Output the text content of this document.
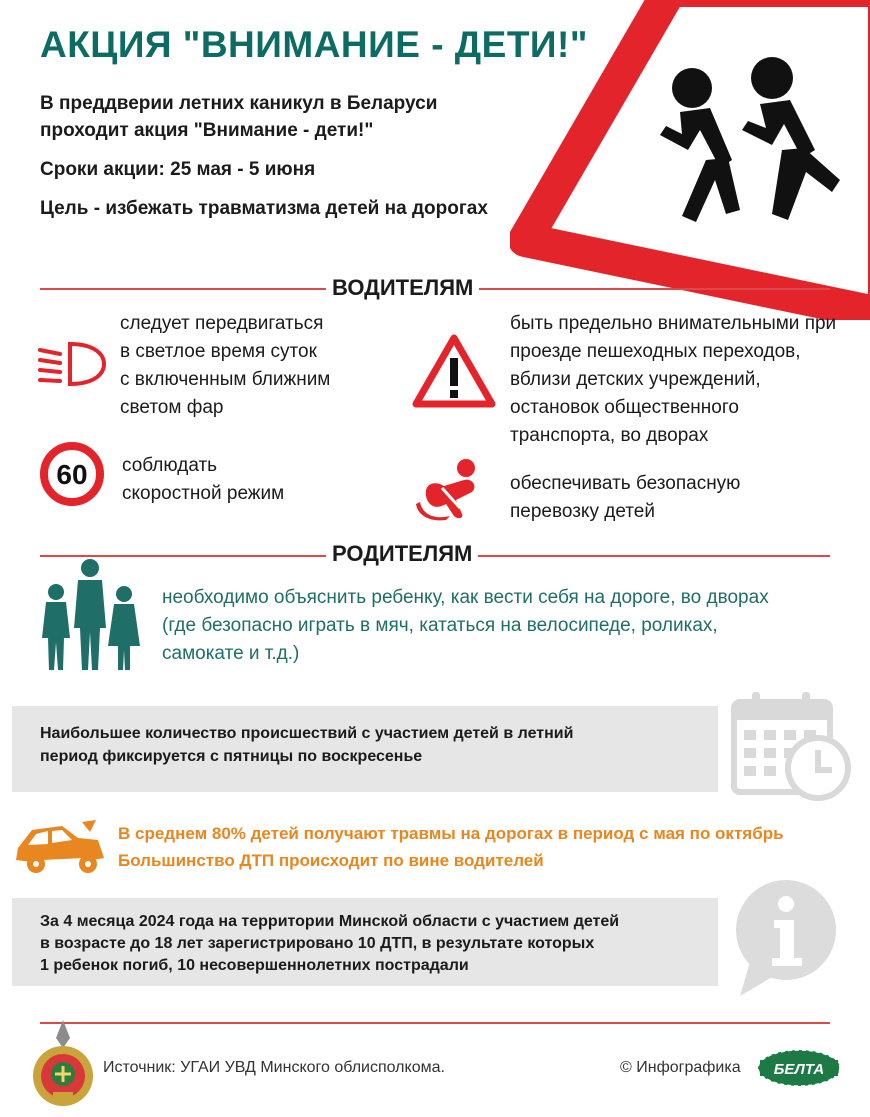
АКЦИЯ "ВНИМАНИЕ - ДЕТИ!"
В преддверии летних каникул в Беларуси
проходит акция "Внимание - дети!"
Сроки акции: 25 мая - 5 июня
Цель - избежать травматизма детей на дорогах
ВОДИТЕЛЯМ
следует передвигаться
в светлое время суток
с включенным ближним
светом фар
быть предельно внимательными при
проезде пешеходных переходов,
вблизи детских учреждений,
остановок общественного
транспорта, во дворах
60 соблюдать
скоростной режим	обеспечивать безопасную
перевозку детей
РОДИТЕЛЯМ
необходимо объяснить ребенку, как вести себя на дороге, во дворах
(где безопасно играть в мяч, кататься на велосипеде, роликах,
самокате и т.д.)
Наибольшее количество происшествий с участием детей в летний
период фиксируется с пятницы по воскресенье
В среднем 80% детей получают травмы на дорогах в период с мая по октябрь
Большинство ДТП происходит по вине водителей
За 4 месяца 2024 года на территории Минской области с участием детей
в возрасте до 18 лет зарегистрировано 10 ДТП, в результате которых
1 ребенок погиб, 10 несовершеннолетних пострадали
Источник: УГАИ УВД Минского облисполкома.	© Инфографика БЕЛТА
